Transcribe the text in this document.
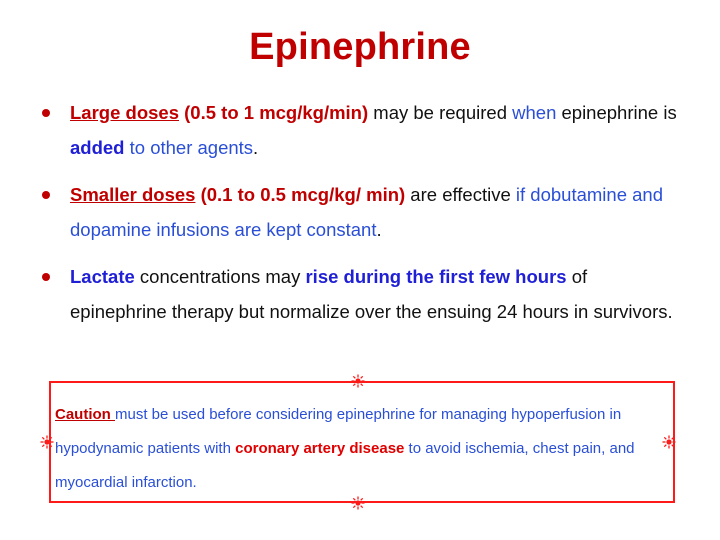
Epinephrine
Large doses (0.5 to 1 mcg/kg/min) may be required when epinephrine is added to other agents.
Smaller doses (0.1 to 0.5 mcg/kg/ min) are effective if dobutamine and dopamine infusions are kept constant.
Lactate concentrations may rise during the first few hours of epinephrine therapy but normalize over the ensuing 24 hours in survivors.
Caution must be used before considering epinephrine for managing hypoperfusion in hypodynamic patients with coronary artery disease to avoid ischemia, chest pain, and myocardial infarction.
